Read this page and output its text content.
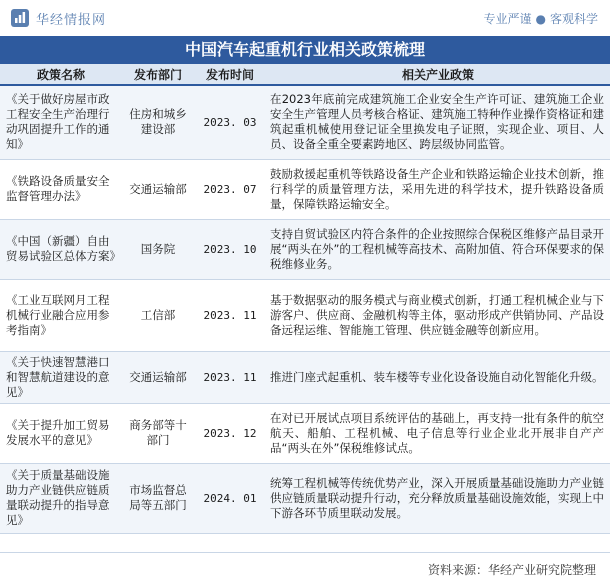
华经情报网	专业严谨 ● 客观科学
中国汽车起重机行业相关政策梳理
政策名称	发布部门	发布时间	相关产业政策
《关于做好房屋市政工程安全生产治理行动巩固提升工作的通知》	住房和城乡建设部	2023. 03	在2023年底前完成建筑施工企业安全生产许可证、建筑施工企业安全生产管理人员考核合格证、建筑施工特种作业操作资格证和建筑起重机械使用登记证全里换发电子证照，实现企业、项目、人员、设备全重全要素跨地区、跨层级协同监管。
《铁路设备质量安全监督管理办法》	交通运输部	2023. 07	鼓励救援起重机等铁路设备生产企业和铁路运输企业技术创新，推行科学的质量管理方法，采用先进的科学技术，提升铁路设备质量，保障铁路运输安全。
《中国（新疆）自由贸易试验区总体方案》	国务院	2023. 10	支持自贸试验区内符合条件的企业按照综合保税区维修产品目录开展“两头在外”的工程机械等高技术、高附加值、符合环保要求的保税维修业务。
《工业互联网月工程机械行业融合应用参考指南》	工信部	2023. 11	基于数据驱动的服务模式与商业模式创新，打通工程机械企业与下游客户、供应商、金融机构等主体，驱动形成产供销协同、产品设备远程运维、智能施工管理、供应链金融等创新应用。
《关于快速智慧港口和智慧航道建设的意见》	交通运输部	2023. 11	推进门座式起重机、装车楼等专业化设备设施自动化智能化升级。
《关于提升加工贸易发展水平的意见》	商务部等十部门	2023. 12	在对已开展试点项目系统评估的基础上，再支持一批有条件的航空航天、船舶、工程机械、电子信息等行业企业北开展非自产产品“两头在外”保税维修试点。
《关于质量基础设施助力产业链供应链质量联动提升的指导意见》	市场监督总局等五部门	2024. 01	统筹工程机械等传统优势产业，深入开展质量基础设施助力产业链供应链质量联动提升行动，充分释放质量基础设施效能，实现上中下游各环节质里联动发展。
资料来源：华经产业研究院整理
